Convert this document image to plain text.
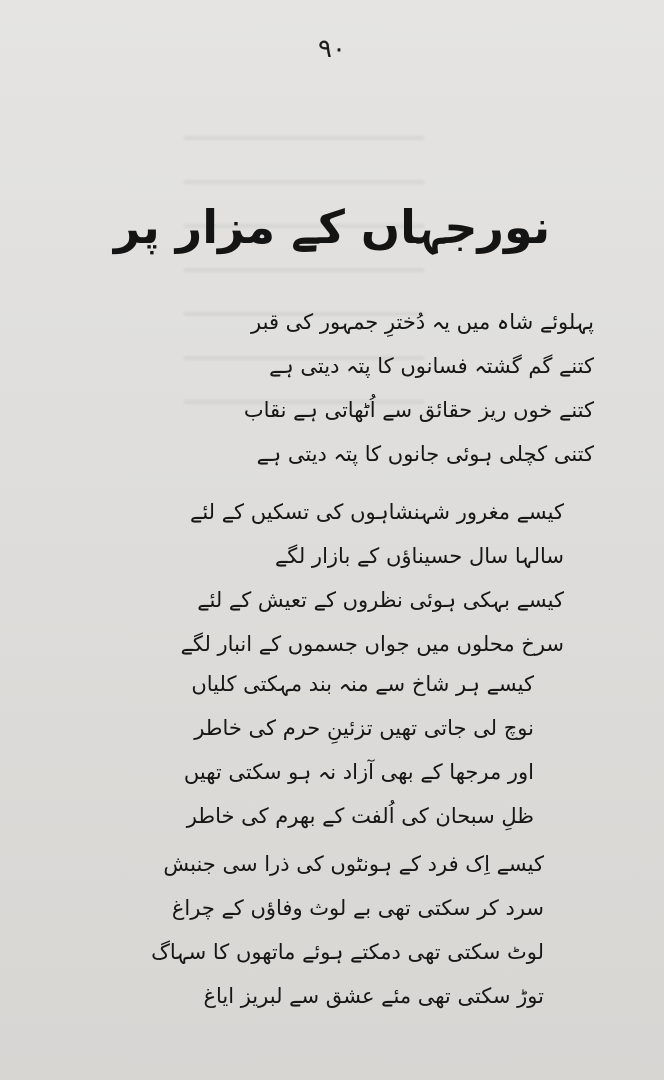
۹۰
نورجہاں کے مزار پر
پہلوئے شاہ میں یہ دُخترِ جمہور کی قبر
کتنے گم گشتہ فسانوں کا پتہ دیتی ہے
کتنے خوں ریز حقائق سے اُٹھاتی ہے نقاب
کتنی کچلی ہوئی جانوں کا پتہ دیتی ہے
کیسے مغرور شہنشاہوں کی تسکیں کے لئے
سالہا سال حسیناؤں کے بازار لگے
کیسے بہکی ہوئی نظروں کے تعیش کے لئے
سرخ محلوں میں جواں جسموں کے انبار لگے
کیسے ہر شاخ سے منہ بند مہکتی کلیاں
نوچ لی جاتی تھیں تزئینِ حرم کی خاطر
اور مرجھا کے بھی آزاد نہ ہو سکتی تھیں
ظلِ سبحان کی اُلفت کے بھرم کی خاطر
کیسے اِک فرد کے ہونٹوں کی ذرا سی جنبش
سرد کر سکتی تھی بے لوث وفاؤں کے چراغ
لوٹ سکتی تھی دمکتے ہوئے ماتھوں کا سہاگ
توڑ سکتی تھی مئے عشق سے لبریز ایاغ
